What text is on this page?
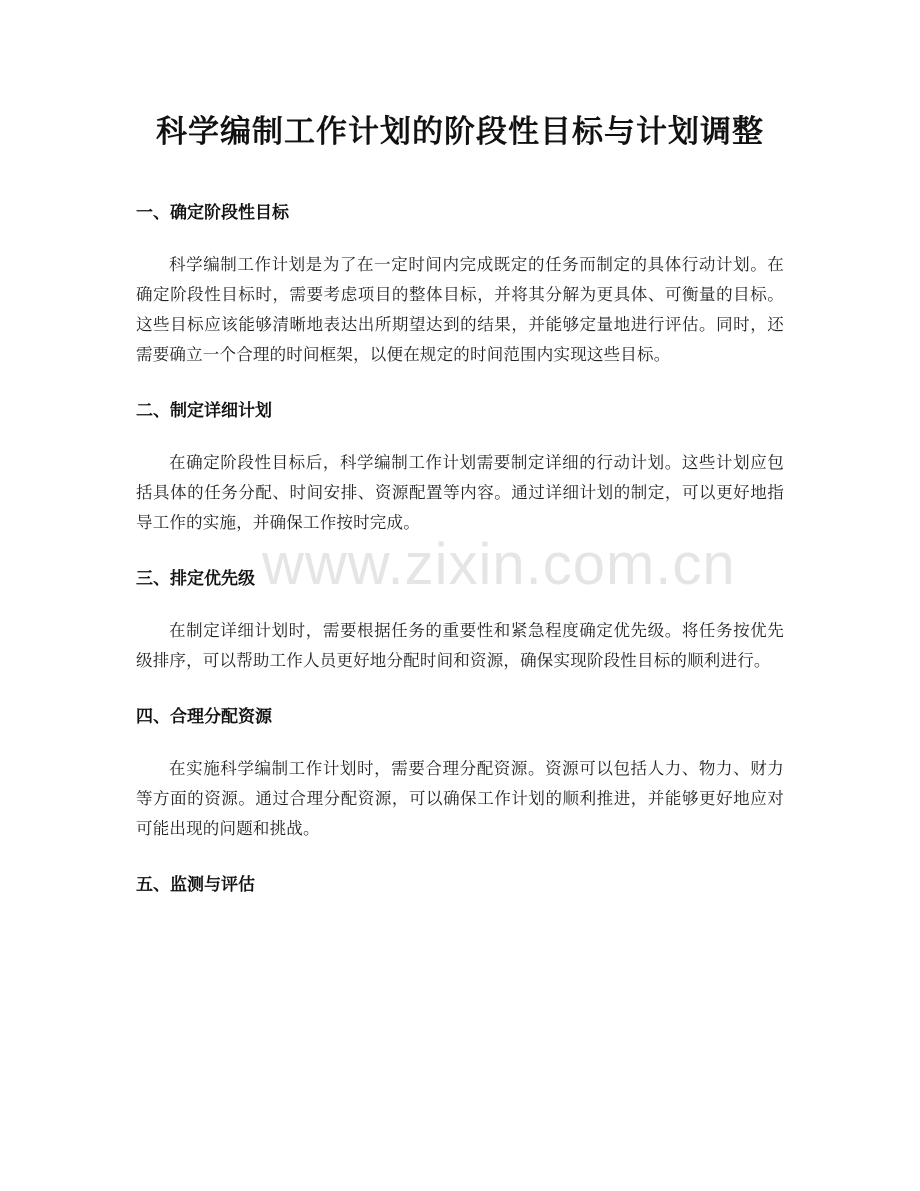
科学编制工作计划的阶段性目标与计划调整
一、确定阶段性目标

科学编制工作计划是为了在一定时间内完成既定的任务而制定的具体行动计划。在确定阶段性目标时，需要考虑项目的整体目标，并将其分解为更具体、可衡量的目标。这些目标应该能够清晰地表达出所期望达到的结果，并能够定量地进行评估。同时，还需要确立一个合理的时间框架，以便在规定的时间范围内实现这些目标。

二、制定详细计划

在确定阶段性目标后，科学编制工作计划需要制定详细的行动计划。这些计划应包括具体的任务分配、时间安排、资源配置等内容。通过详细计划的制定，可以更好地指导工作的实施，并确保工作按时完成。

三、排定优先级

在制定详细计划时，需要根据任务的重要性和紧急程度确定优先级。将任务按优先级排序，可以帮助工作人员更好地分配时间和资源，确保实现阶段性目标的顺利进行。

四、合理分配资源

在实施科学编制工作计划时，需要合理分配资源。资源可以包括人力、物力、财力等方面的资源。通过合理分配资源，可以确保工作计划的顺利推进，并能够更好地应对可能出现的问题和挑战。

五、监测与评估
www.zixin.com.cn
